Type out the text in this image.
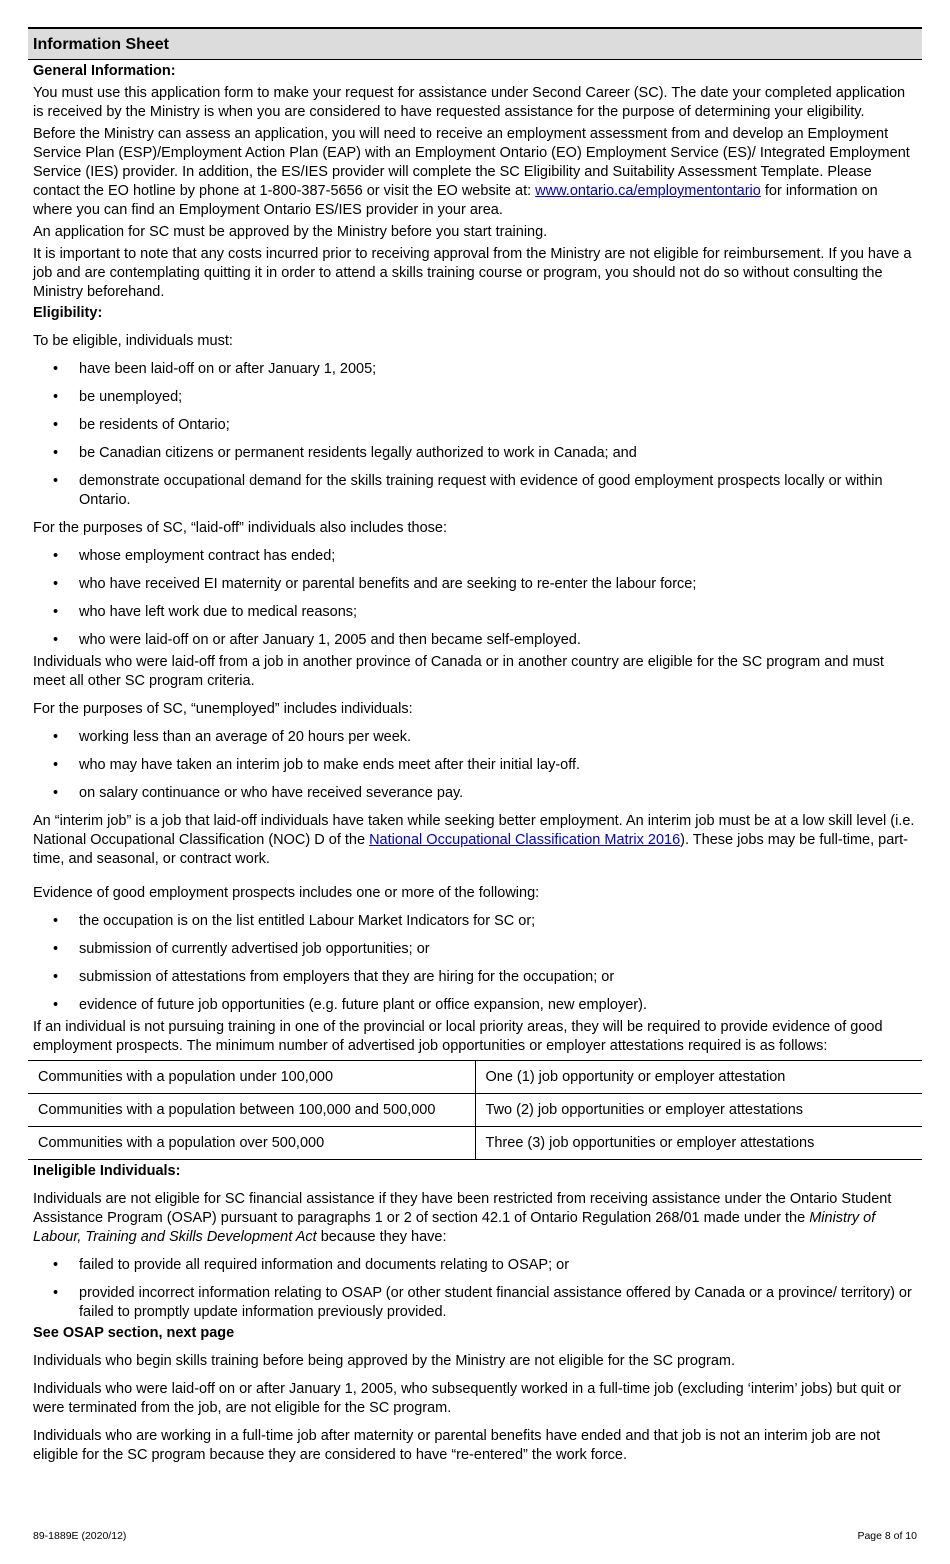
Information Sheet
General Information:

You must use this application form to make your request for assistance under Second Career (SC). The date your completed application is received by the Ministry is when you are considered to have requested assistance for the purpose of determining your eligibility.

Before the Ministry can assess an application, you will need to receive an employment assessment from and develop an Employment Service Plan (ESP)/Employment Action Plan (EAP) with an Employment Ontario (EO) Employment Service (ES)/ Integrated Employment Service (IES) provider. In addition, the ES/IES provider will complete the SC Eligibility and Suitability Assessment Template. Please contact the EO hotline by phone at 1-800-387-5656 or visit the EO website at: www.ontario.ca/employmentontario for information on where you can find an Employment Ontario ES/IES provider in your area.

An application for SC must be approved by the Ministry before you start training.

It is important to note that any costs incurred prior to receiving approval from the Ministry are not eligible for reimbursement. If you have a job and are contemplating quitting it in order to attend a skills training course or program, you should not do so without consulting the Ministry beforehand.

Eligibility:

To be eligible, individuals must:

• have been laid-off on or after January 1, 2005;
• be unemployed;
• be residents of Ontario;
• be Canadian citizens or permanent residents legally authorized to work in Canada; and
• demonstrate occupational demand for the skills training request with evidence of good employment prospects locally or within Ontario.

For the purposes of SC, “laid-off” individuals also includes those:

• whose employment contract has ended;
• who have received EI maternity or parental benefits and are seeking to re-enter the labour force;
• who have left work due to medical reasons;
• who were laid-off on or after January 1, 2005 and then became self-employed.

Individuals who were laid-off from a job in another province of Canada or in another country are eligible for the SC program and must meet all other SC program criteria.

For the purposes of SC, “unemployed” includes individuals:

• working less than an average of 20 hours per week.
• who may have taken an interim job to make ends meet after their initial lay-off.
• on salary continuance or who have received severance pay.

An “interim job” is a job that laid-off individuals have taken while seeking better employment. An interim job must be at a low skill level (i.e. National Occupational Classification (NOC) D of the National Occupational Classification Matrix 2016). These jobs may be full-time, part-time, and seasonal, or contract work.

Evidence of good employment prospects includes one or more of the following:

• the occupation is on the list entitled Labour Market Indicators for SC or;
• submission of currently advertised job opportunities; or
• submission of attestations from employers that they are hiring for the occupation; or
• evidence of future job opportunities (e.g. future plant or office expansion, new employer).

If an individual is not pursuing training in one of the provincial or local priority areas, they will be required to provide evidence of good employment prospects. The minimum number of advertised job opportunities or employer attestations required is as follows:

Communities with a population under 100,000	One (1) job opportunity or employer attestation
Communities with a population between 100,000 and 500,000	Two (2) job opportunities or employer attestations
Communities with a population over 500,000	Three (3) job opportunities or employer attestations
Ineligible Individuals:

Individuals are not eligible for SC financial assistance if they have been restricted from receiving assistance under the Ontario Student Assistance Program (OSAP) pursuant to paragraphs 1 or 2 of section 42.1 of Ontario Regulation 268/01 made under the Ministry of Labour, Training and Skills Development Act because they have:

• failed to provide all required information and documents relating to OSAP; or
• provided incorrect information relating to OSAP (or other student financial assistance offered by Canada or a province/ territory) or failed to promptly update information previously provided.
See OSAP section, next page

Individuals who begin skills training before being approved by the Ministry are not eligible for the SC program.

Individuals who were laid-off on or after January 1, 2005, who subsequently worked in a full-time job (excluding ‘interim’ jobs) but quit or were terminated from the job, are not eligible for the SC program.

Individuals who are working in a full-time job after maternity or parental benefits have ended and that job is not an interim job are not eligible for the SC program because they are considered to have “re-entered” the work force.

89-1889E (2020/12)	Page 8 of 10
